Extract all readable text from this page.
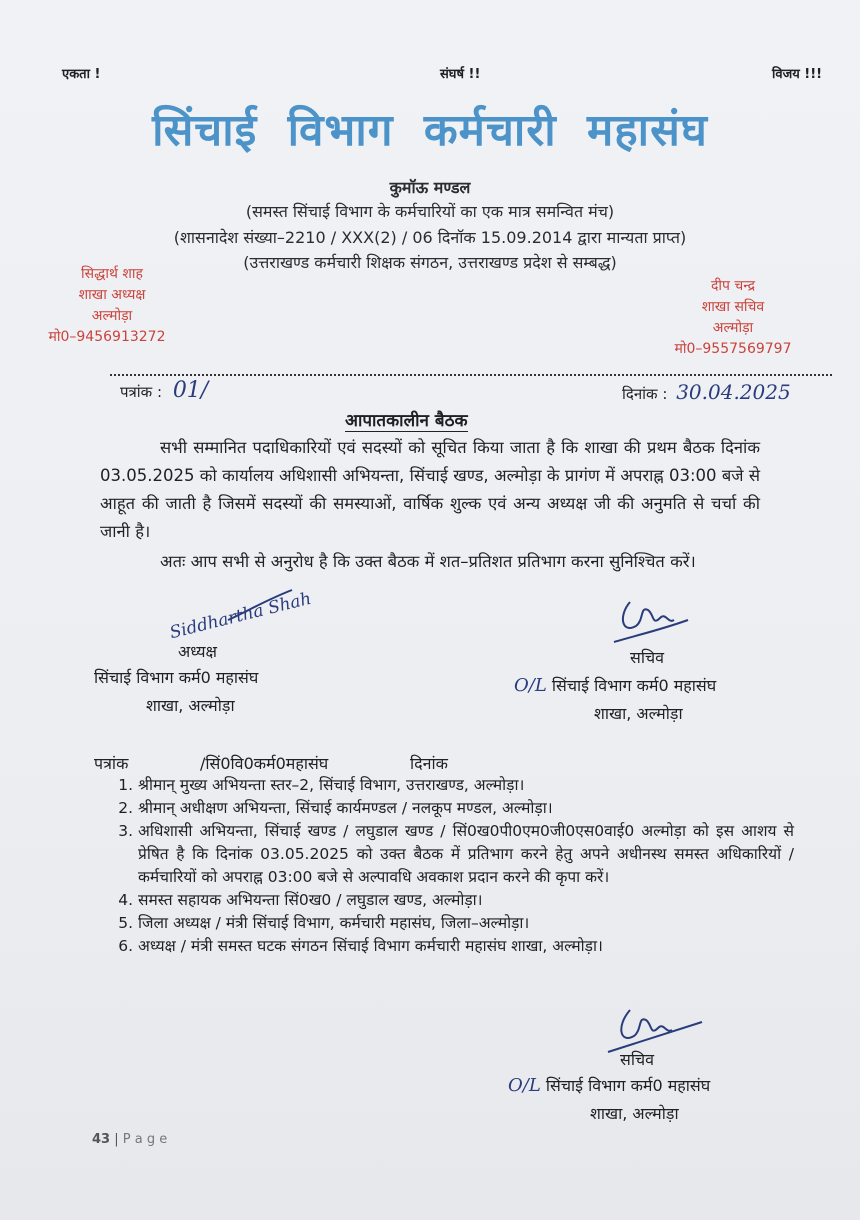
एकता !	संघर्ष !!	विजय !!!
सिंचाई विभाग कर्मचारी महासंघ
कुमॉऊ मण्डल
(समस्त सिंचाई विभाग के कर्मचारियों का एक मात्र समन्वित मंच)
(शासनादेश संख्या–2210 / XXX(2) / 06 दिनॉक 15.09.2014 द्वारा मान्यता प्राप्त)
(उत्तराखण्ड कर्मचारी शिक्षक संगठन, उत्तराखण्ड प्रदेश से सम्बद्ध)
सिद्धार्थ शाह
शाखा अध्यक्ष
अल्मोड़ा
मो0–9456913272
दीप चन्द्र
शाखा सचिव
अल्मोड़ा
मो0–9557569797
पत्रांक : 01/	दिनांक : 30.04.2025
आपातकालीन बैठक
सभी सम्मानित पदाधिकारियों एवं सदस्यों को सूचित किया जाता है कि शाखा की प्रथम बैठक दिनांक 03.05.2025 को कार्यालय अधिशासी अभियन्ता, सिंचाई खण्ड, अल्मोड़ा के प्रागंण में अपराह्न 03:00 बजे से आहूत की जाती है जिसमें सदस्यों की समस्याओं, वार्षिक शुल्क एवं अन्य अध्यक्ष जी की अनुमति से चर्चा की जानी है।
अतः आप सभी से अनुरोध है कि उक्त बैठक में शत–प्रतिशत प्रतिभाग करना सुनिश्चित करें।
Siddhartha Shah
अध्यक्ष
सिंचाई विभाग कर्म0 महासंघ
शाखा, अल्मोड़ा
सचिव
O/L सिंचाई विभाग कर्म0 महासंघ
शाखा, अल्मोड़ा
पत्रांक	/सिं0वि0कर्म0महासंघ	दिनांक
1. श्रीमान् मुख्य अभियन्ता स्तर–2, सिंचाई विभाग, उत्तराखण्ड, अल्मोड़ा।
2. श्रीमान् अधीक्षण अभियन्ता, सिंचाई कार्यमण्डल / नलकूप मण्डल, अल्मोड़ा।
3. अधिशासी अभियन्ता, सिंचाई खण्ड / लघुडाल खण्ड / सिं0ख0पी0एम0जी0एस0वाई0 अल्मोड़ा को इस आशय से प्रेषित है कि दिनांक 03.05.2025 को उक्त बैठक में प्रतिभाग करने हेतु अपने अधीनस्थ समस्त अधिकारियों / कर्मचारियों को अपराह्न 03:00 बजे से अल्पावधि अवकाश प्रदान करने की कृपा करें।
4. समस्त सहायक अभियन्ता सिं0ख0 / लघुडाल खण्ड, अल्मोड़ा।
5. जिला अध्यक्ष / मंत्री सिंचाई विभाग, कर्मचारी महासंघ, जिला–अल्मोड़ा।
6. अध्यक्ष / मंत्री समस्त घटक संगठन सिंचाई विभाग कर्मचारी महासंघ शाखा, अल्मोड़ा।
सचिव
O/L सिंचाई विभाग कर्म0 महासंघ
शाखा, अल्मोड़ा
43 | P a g e
